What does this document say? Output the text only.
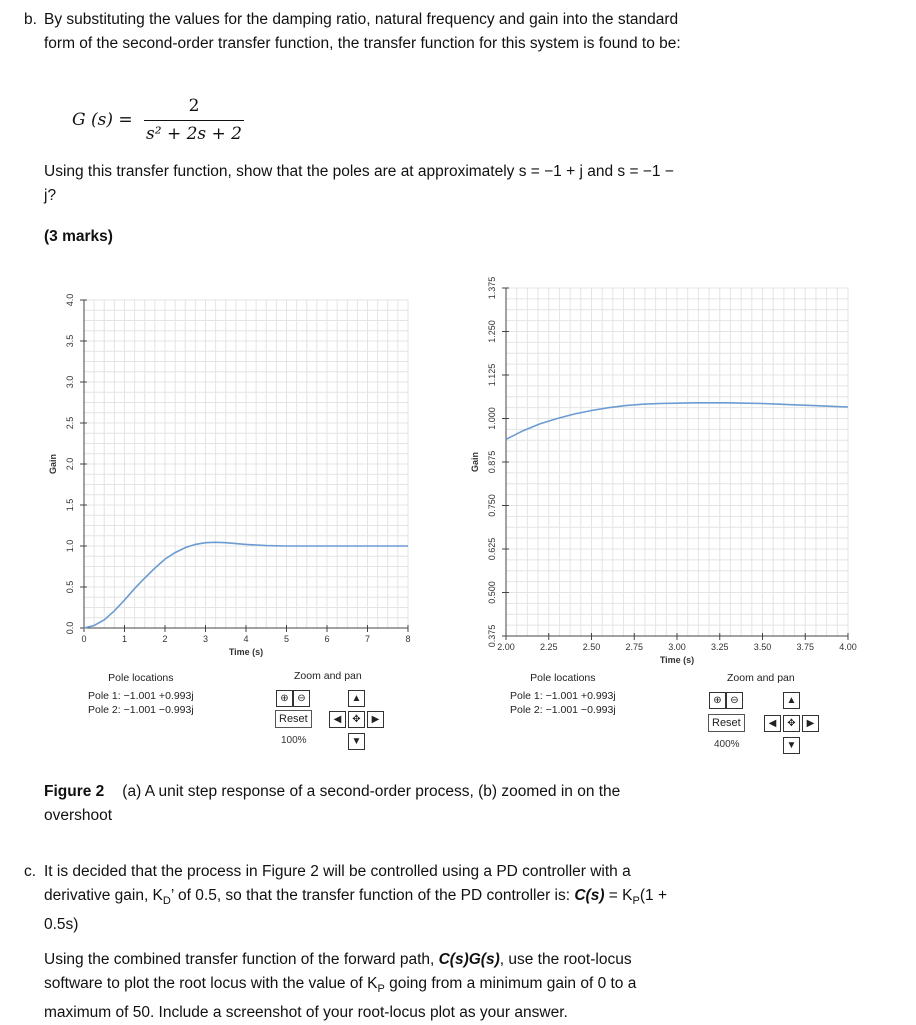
b. By substituting the values for the damping ratio, natural frequency and gain into the standard form of the second-order transfer function, the transfer function for this system is found to be:
G (s) =
2
s² + 2s + 2
Using this transfer function, show that the poles are at approximately s = −1 + j and s = −1 − j?
(3 marks)
0	1	2	3	4	5	6	7	8
0.0
0.5
1.0
1.5
2.0
2.5
3.0
3.5
4.0
Time (s)
Gain
2.00	2.25	2.50	2.75	3.00	3.25	3.50	3.75	4.00
0.375
0.500
0.625
0.750
0.875
1.000
1.125
1.250
1.375
Time (s)
Gain
Pole locations
Pole 1: −1.001 +0.993j
Pole 2: −1.001 −0.993j
Zoom and pan
⊕ ⊖	▲
Reset	◀	✥	▶
100%	▼
Pole locations
Pole 1: −1.001 +0.993j
Pole 2: −1.001 −0.993j
Zoom and pan
⊕ ⊖	▲
Reset	◀	✥	▶
400%	▼
Figure 2 (a) A unit step response of a second-order process, (b) zoomed in on the overshoot
c. It is decided that the process in Figure 2 will be controlled using a PD controller with a derivative gain, $K_D$’ of 0.5, so that the transfer function of the PD controller is: $C(s) = K_P(1 + 0.5s)$
Using the combined transfer function of the forward path, C(s)G(s), use the root-locus software to plot the root locus with the value of $K_P$ going from a minimum gain of 0 to a maximum of 50. Include a screenshot of your root-locus plot as your answer.
